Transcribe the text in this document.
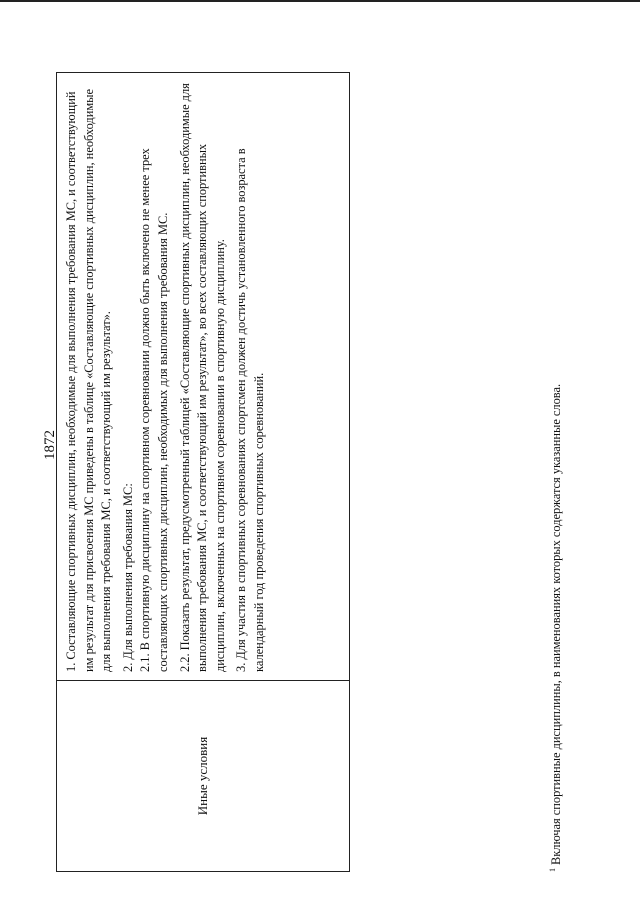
1872
Иные условия

1. Составляющие спортивных дисциплин, необходимые для выполнения требования МС, и соответствующий им результат для присвоения МС приведены в таблице «Составляющие спортивных дисциплин, необходимые для выполнения требования МС, и соответствующий им результат». 2. Для выполнения требования МС: 2.1. В спортивную дисциплину на спортивном соревновании должно быть включено не менее трех составляющих спортивных дисциплин, необходимых для выполнения требования МС. 2.2. Показать результат, предусмотренный таблицей «Составляющие спортивных дисциплин, необходимые для выполнения требования МС, и соответствующий им результат», во всех составляющих спортивных дисциплин, включенных на спортивном соревновании в спортивную дисциплину. 3. Для участия в спортивных соревнованиях спортсмен должен достичь установленного возраста в календарный год проведения спортивных соревнований.

$^1$Включая спортивные дисциплины, в наименованиях которых содержатся указанные слова.
